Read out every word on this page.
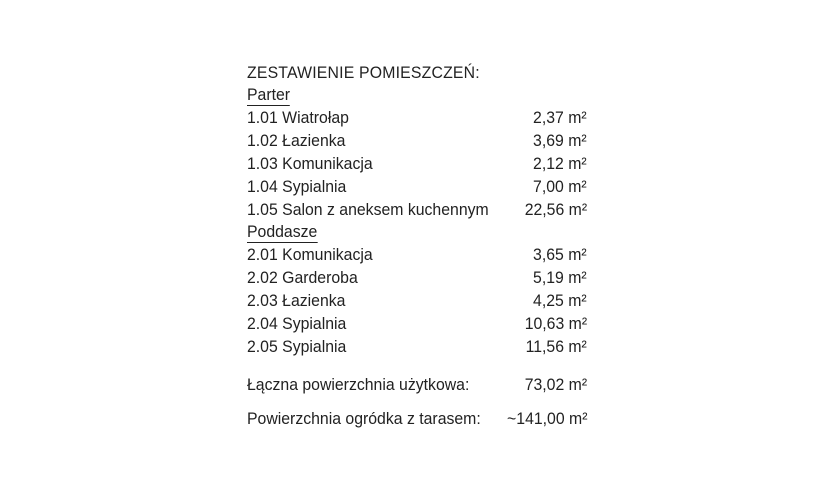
ZESTAWIENIE POMIESZCZEŃ:
Parter
1.01 Wiatrołap	2,37 m²
1.02 Łazienka	3,69 m²
1.03 Komunikacja	2,12 m²
1.04 Sypialnia	7,00 m²
1.05 Salon z aneksem kuchennym 22,56 m²
Poddasze
2.01 Komunikacja	3,65 m²
2.02 Garderoba	5,19 m²
2.03 Łazienka	4,25 m²
2.04 Sypialnia	10,63 m²
2.05 Sypialnia	11,56 m²
Łączna powierzchnia użytkowa:	73,02 m²
Powierzchnia ogródka z tarasem: ~141,00 m²
